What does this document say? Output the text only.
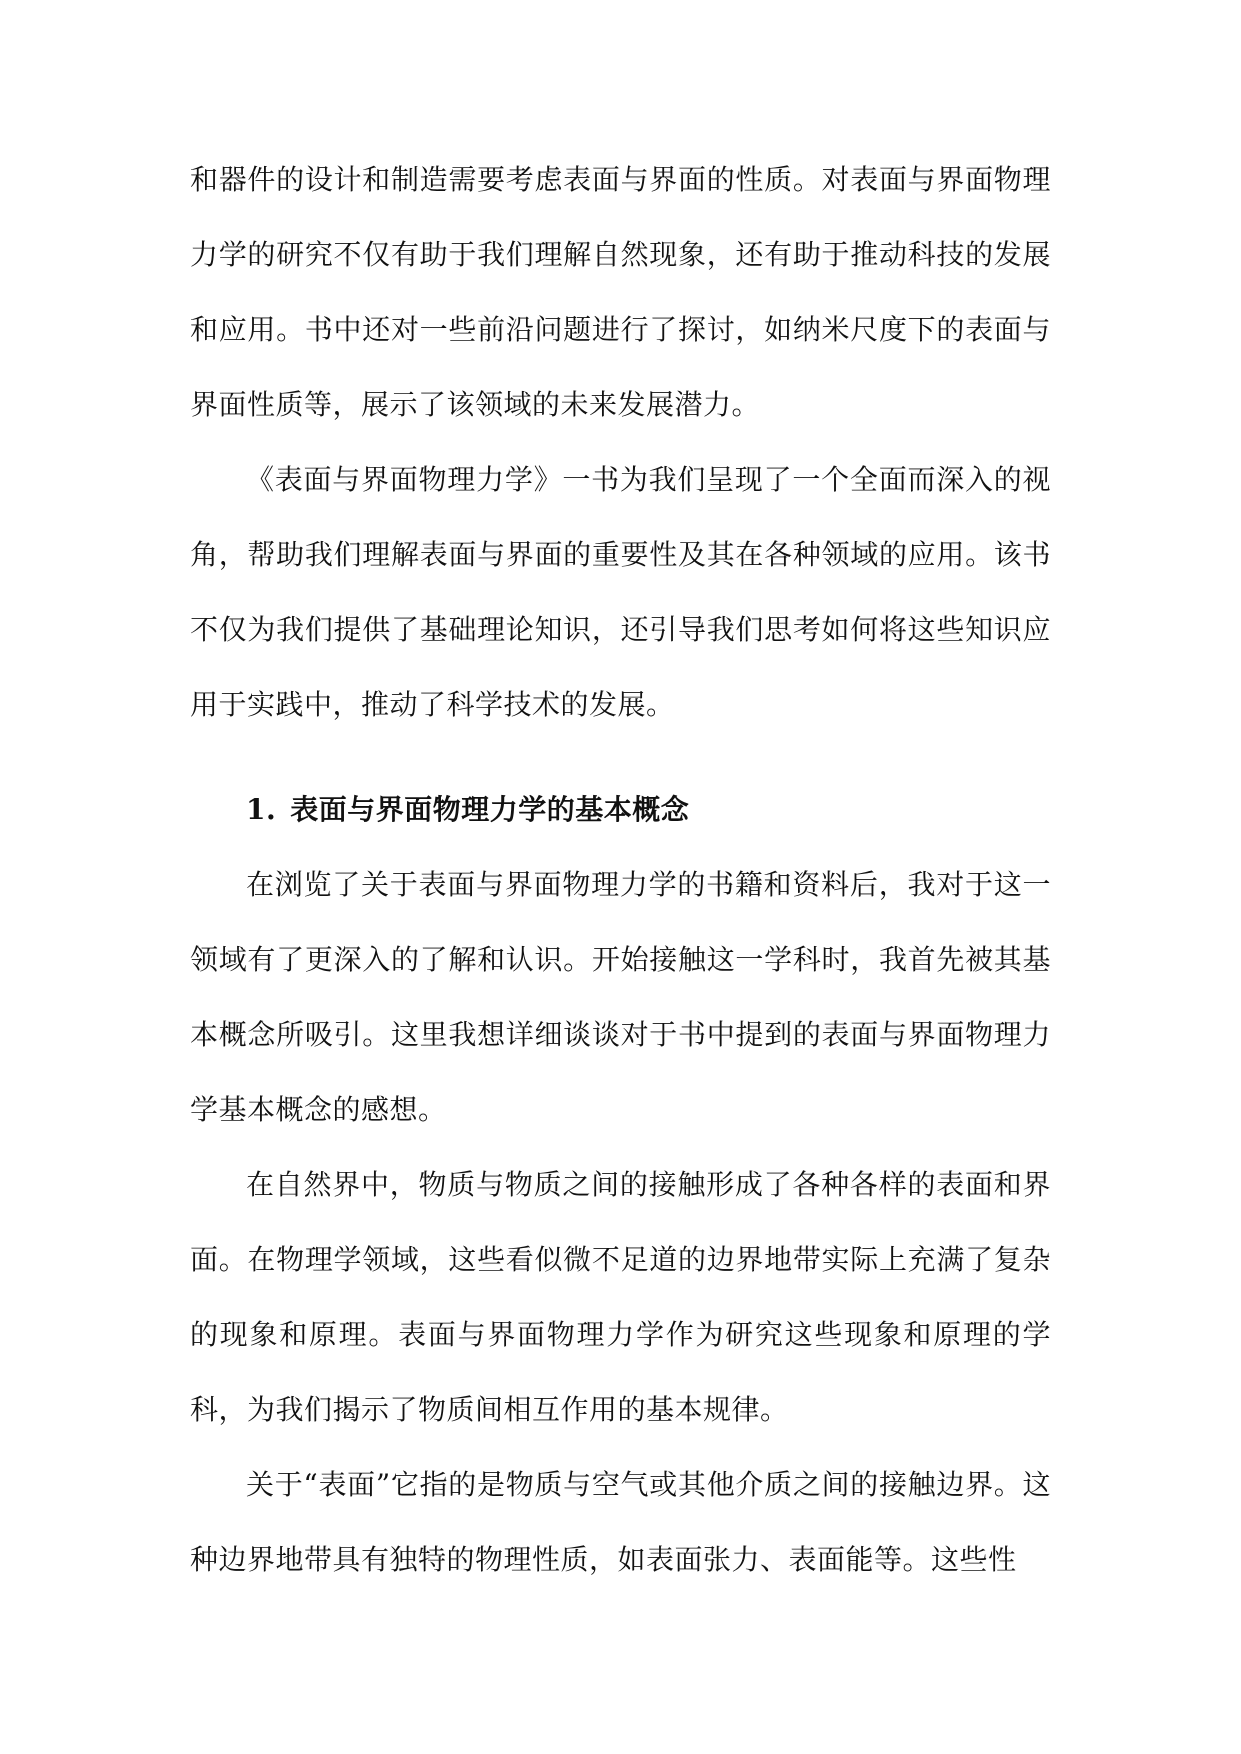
和器件的设计和制造需要考虑表面与界面的性质。对表面与界面物理力学的研究不仅有助于我们理解自然现象，还有助于推动科技的发展和应用。书中还对一些前沿问题进行了探讨，如纳米尺度下的表面与界面性质等，展示了该领域的未来发展潜力。

《表面与界面物理力学》一书为我们呈现了一个全面而深入的视角，帮助我们理解表面与界面的重要性及其在各种领域的应用。该书不仅为我们提供了基础理论知识，还引导我们思考如何将这些知识应用于实践中，推动了科学技术的发展。

1. 表面与界面物理力学的基本概念

在浏览了关于表面与界面物理力学的书籍和资料后，我对于这一领域有了更深入的了解和认识。开始接触这一学科时，我首先被其基本概念所吸引。这里我想详细谈谈对于书中提到的表面与界面物理力学基本概念的感想。

在自然界中，物质与物质之间的接触形成了各种各样的表面和界面。在物理学领域，这些看似微不足道的边界地带实际上充满了复杂的现象和原理。表面与界面物理力学作为研究这些现象和原理的学科，为我们揭示了物质间相互作用的基本规律。

关于“表面”它指的是物质与空气或其他介质之间的接触边界。这种边界地带具有独特的物理性质，如表面张力、表面能等。这些性
